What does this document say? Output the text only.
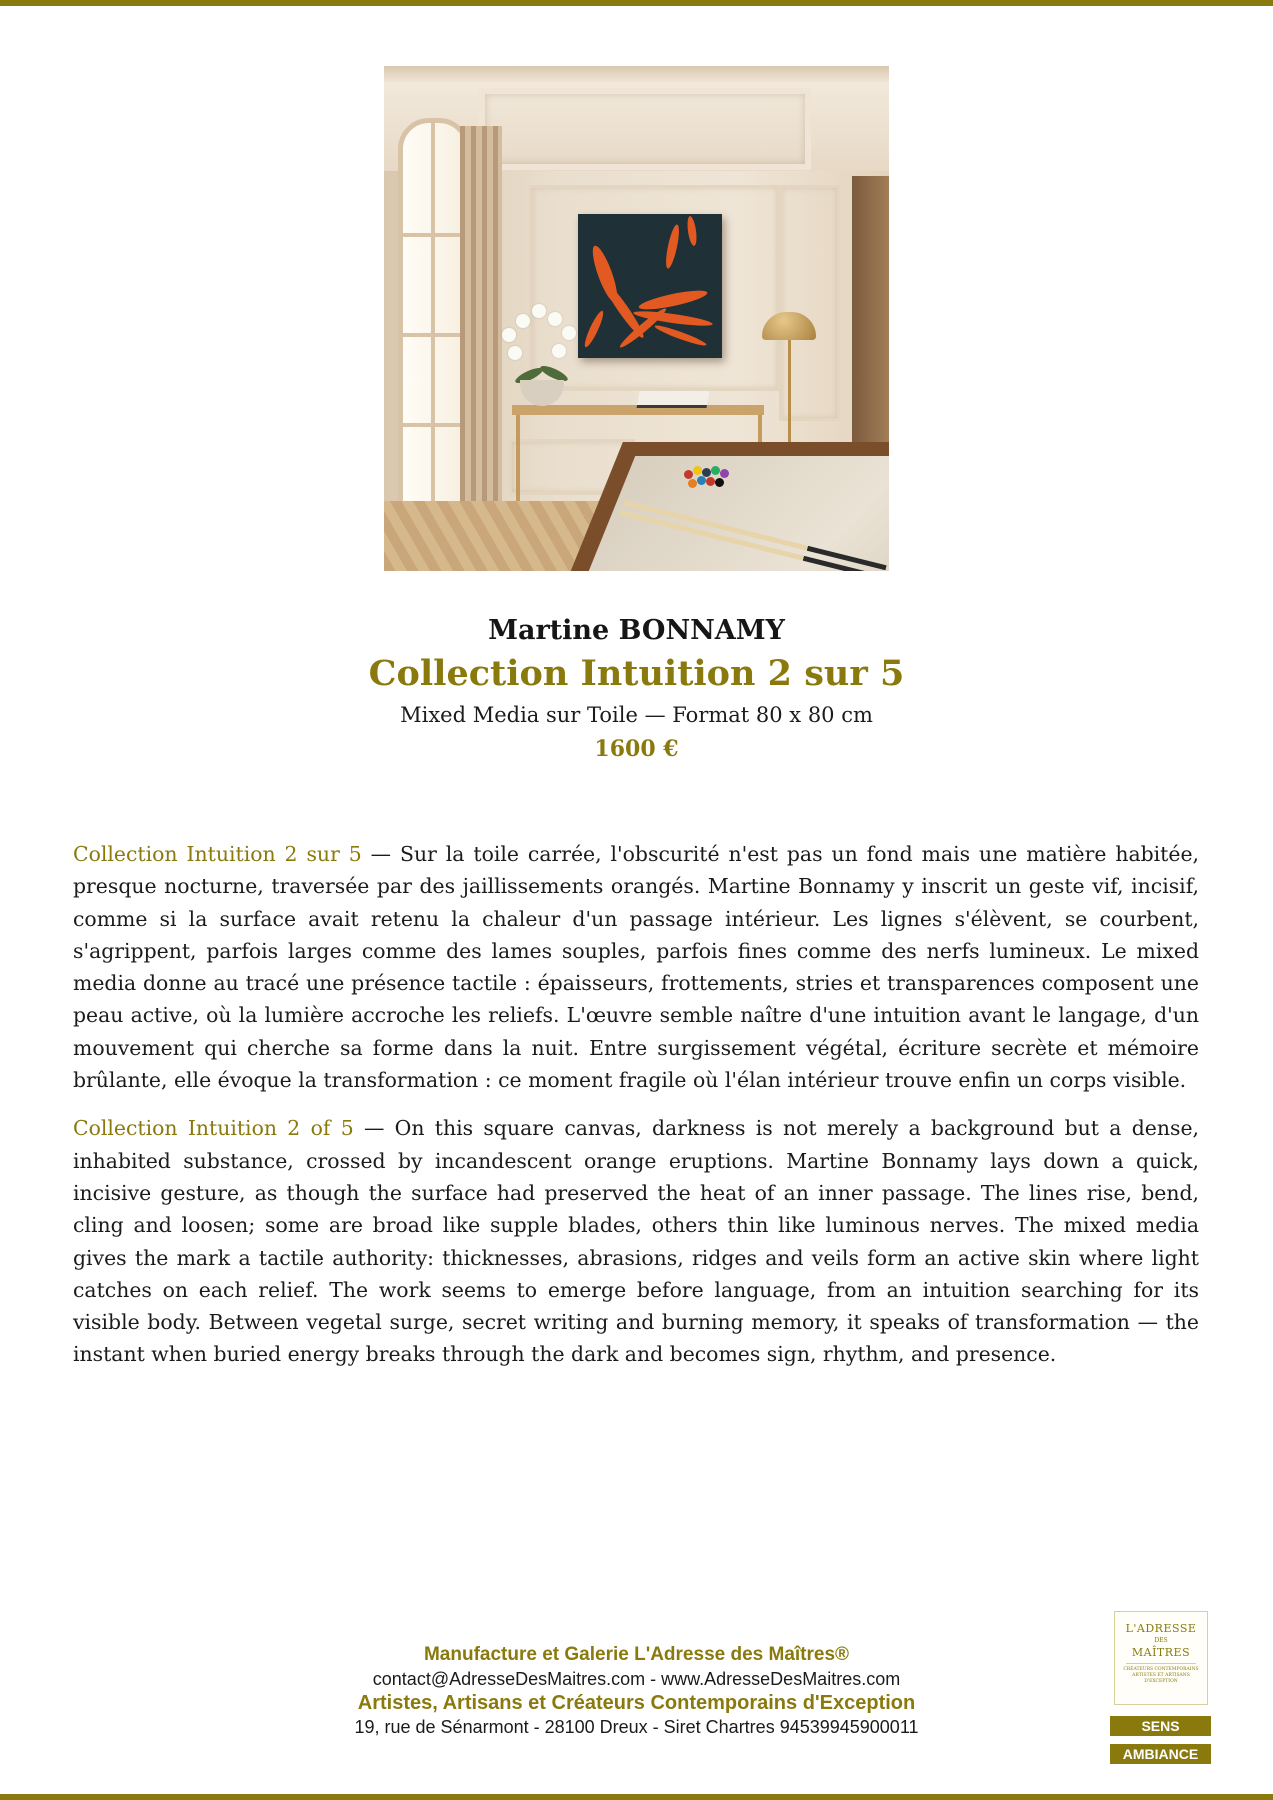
Martine BONNAMY
Collection Intuition 2 sur 5
Mixed Media sur Toile — Format 80 x 80 cm
1600 €

Collection Intuition 2 sur 5 — Sur la toile carrée, l'obscurité n'est pas un fond mais une matière habitée, presque nocturne, traversée par des jaillissements orangés. Martine Bonnamy y inscrit un geste vif, incisif, comme si la surface avait retenu la chaleur d'un passage intérieur. Les lignes s'élèvent, se courbent, s'agrippent, parfois larges comme des lames souples, parfois fines comme des nerfs lumineux. Le mixed media donne au tracé une présence tactile : épaisseurs, frottements, stries et transparences composent une peau active, où la lumière accroche les reliefs. L'œuvre semble naître d'une intuition avant le langage, d'un mouvement qui cherche sa forme dans la nuit. Entre surgissement végétal, écriture secrète et mémoire brûlante, elle évoque la transformation : ce moment fragile où l'élan intérieur trouve enfin un corps visible.

Collection Intuition 2 of 5 — On this square canvas, darkness is not merely a background but a dense, inhabited substance, crossed by incandescent orange eruptions. Martine Bonnamy lays down a quick, incisive gesture, as though the surface had preserved the heat of an inner passage. The lines rise, bend, cling and loosen; some are broad like supple blades, others thin like luminous nerves. The mixed media gives the mark a tactile authority: thicknesses, abrasions, ridges and veils form an active skin where light catches on each relief. The work seems to emerge before language, from an intuition searching for its visible body. Between vegetal surge, secret writing and burning memory, it speaks of transformation — the instant when buried energy breaks through the dark and becomes sign, rhythm, and presence.

Manufacture et Galerie L'Adresse des Maîtres®
contact@AdresseDesMaitres.com - www.AdresseDesMaitres.com
Artistes, Artisans et Créateurs Contemporains d'Exception
19, rue de Sénarmont - 28100 Dreux - Siret Chartres 94539945900011
L'ADRESSE
DES
MAÎTRES
CRÉATEURS CONTEMPORAINS ARTISTES ET ARTISANS D'EXCEPTION
SENS
AMBIANCE
